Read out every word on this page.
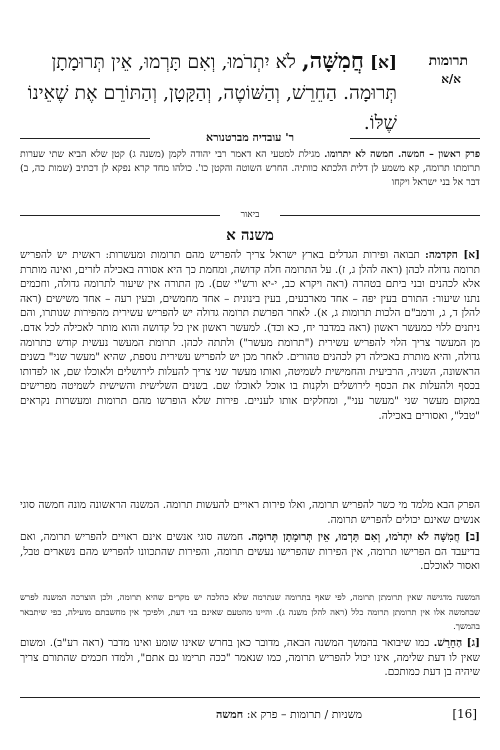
תרומות
א/א
[א] חֲמִשָּׁה, לֹא יִתְרֹמוּ, וְאִם תָּרְמוּ, אֵין תְּרוּמָתָן תְּרוּמָה. הַחֵרֵשׁ, וְהַשּׁוֹטֶה, וְהַקָּטָן, וְהַתּוֹרֵם אֶת שֶׁאֵינוֹ שֶׁלּוֹ.
ר' עובדיה מברטנורא
פרק ראשון – חמשה. חמשה לא יתרומו. מגילת למטעי הא דאמר רבי יהודה לקמן (משנה ג) קטן שלא הביא שתי שערות תרומתו תרומה, קא משמע לן דלית הלכתא כוותיה. החרש השוטה והקטן כו'. כולהו מחד קרא נפקא לן דכתיב (שמות כה, ב) דבר אל בני ישראל ויקחו
ביאור
משנה א
[א] הקדמה: תבואה ופירות הגדלים בארץ ישראל צריך להפריש מהם תרומות ומעשרות: ראשית יש להפריש תרומה גדולה לכהן (ראה להלן ג, ז). על התרומה חלה קדושה, ומחמת כך היא אסורה באכילה לזרים, ואינה מותרת אלא לכהנים ובני ביתם בטהרה (ראה ויקרא כב, י-יא ורש"י שם). מן התורה אין שיעור לתרומה גדולה, וחכמים נתנו שיעור: התורם בעין יפה – אחד מארבעים, בעין בינונית – אחד מחמשים, ובעין רעה – אחד משישים (ראה להלן ד, ג, ורמב"ם הלכות תרומות ג, א). לאחר הפרשת תרומה גדולה יש להפריש עשירית מהפירות שנותרו, והם ניתנים ללוי כמעשר ראשון (ראה במדבר יח, כא וכד). למעשר ראשון אין כל קדושה והוא מותר לאכילה לכל אדם. מן המעשר צריך הלוי להפריש עשירית ("תרומת מעשר") ולתתה לכהן. תרומת המעשר נעשית קודש כתרומה גדולה, והיא מותרת באכילה רק לכהנים טהורים. לאחר מכן יש להפריש עשירית נוספת, שהיא "מעשר שני" בשנים הראשונה, השניה, הרביעית והחמישית לשמיטה, ואותו מעשר שני צריך להעלות לירושלים ולאוכלו שם, או לפדותו בכסף ולהעלות את הכסף לירושלים ולקנות בו אוכל לאוכלו שם. בשנים השלישית והשישית לשמיטה מפרישים במקום מעשר שני "מעשר עני", ומחלקים אותו לעניים. פירות שלא הופרשו מהם תרומות ומעשרות נקראים "טבל", ואסורים באכילה.
הפרק הבא מלמד מי כשר להפריש תרומה, ואלו פירות ראויים להעשות תרומה. המשנה הראשונה מונה חמשה סוגי אנשים שאינם יכולים להפריש תרומה.
[ב] חֲמִשָּׁה לֹא יִתְרֹמוּ, וְאִם תָּרְמוּ, אֵין תְּרוּמָתָן תְּרוּמָה. חמשה סוגי אנשים אינם ראויים להפריש תרומה, ואם בדיעבד הם הפרישו תרומה, אין הפירות שהפרישו נעשים תרומה, והפירות שהתכוונו להפריש מהם נשארים טבל, ואסור לאוכלם.
המשנה מדגישה שאין תרומתן תרומה, לפי שאף בתרומה שנתרמה שלא כהלכה יש מקרים שהיא תרומה, ולכן הוצרכה המשנה לפרש שבחמשה אלו אין תרומתן תרומה כלל (ראה להלן משנה ג). והיינו מהטעם שאינם בני דעת, ולפיכך אין מחשבתם מועילה, כפי שיתבאר בהמשך.
[ג] הַחֵרֵשׁ. כמו שיבואר בהמשך המשנה הבאה, מדובר כאן בחרש שאינו שומע ואינו מדבר (ראה רע"ב). ומשום שאין לו דעת שלימה, אינו יכול להפריש תרומה, כמו שנאמר "ככה תרימו גם אתם", ולמדו חכמים שהתורם צריך שיהיה בן דעת כמותכם.
משניות / תרומות – פרק א: חמשה	[16]
